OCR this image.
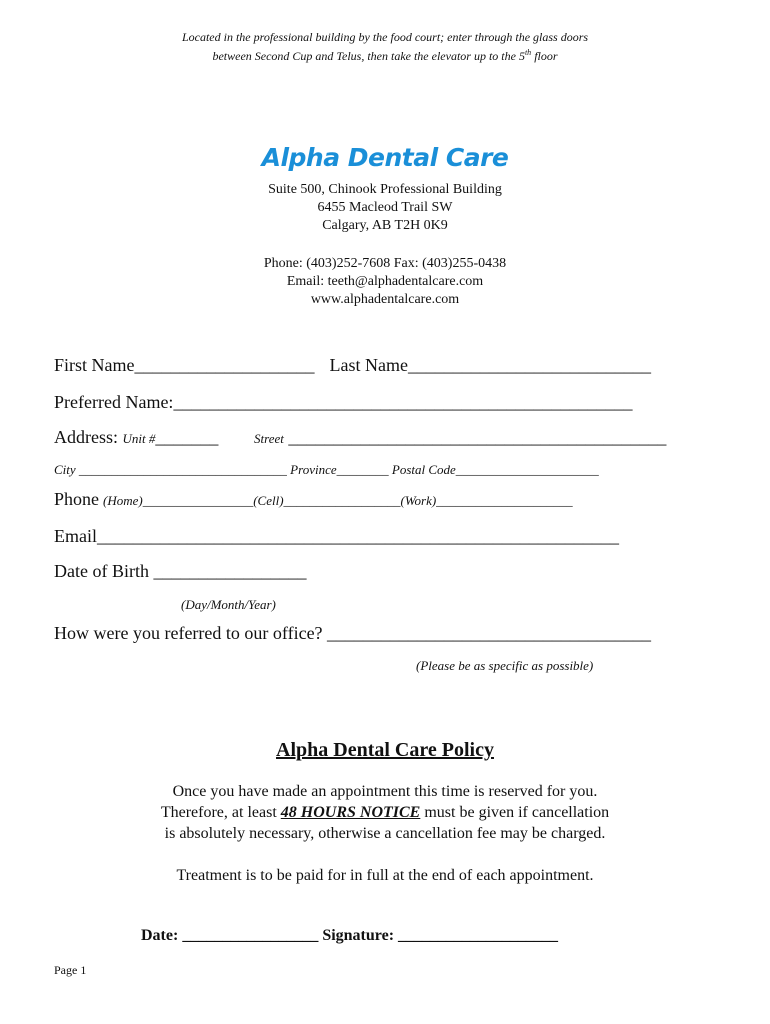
Located in the professional building by the food court; enter through the glass doors
between Second Cup and Telus, then take the elevator up to the 5th floor
Alpha Dental Care
Suite 500, Chinook Professional Building
6455 Macleod Trail SW
Calgary, AB T2H 0K9
Phone: (403)252-7608 Fax: (403)255-0438
Email: teeth@alphadentalcare.com
www.alphadentalcare.com
First Name____________________ Last Name___________________________
Preferred Name:___________________________________________________
Address: Unit #_______	Street __________________________________________
City ________________________________ Province________ Postal Code______________________
Phone (Home)_________________(Cell)__________________(Work)_____________________
Email__________________________________________________________
Date of Birth _________________
(Day/Month/Year)
How were you referred to our office? ____________________________________
(Please be as specific as possible)
Alpha Dental Care Policy
Once you have made an appointment this time is reserved for you.
Therefore, at least 48 HOURS NOTICE must be given if cancellation
is absolutely necessary, otherwise a cancellation fee may be charged.
Treatment is to be paid for in full at the end of each appointment.
Date: _________________ Signature: ____________________
Page 1
